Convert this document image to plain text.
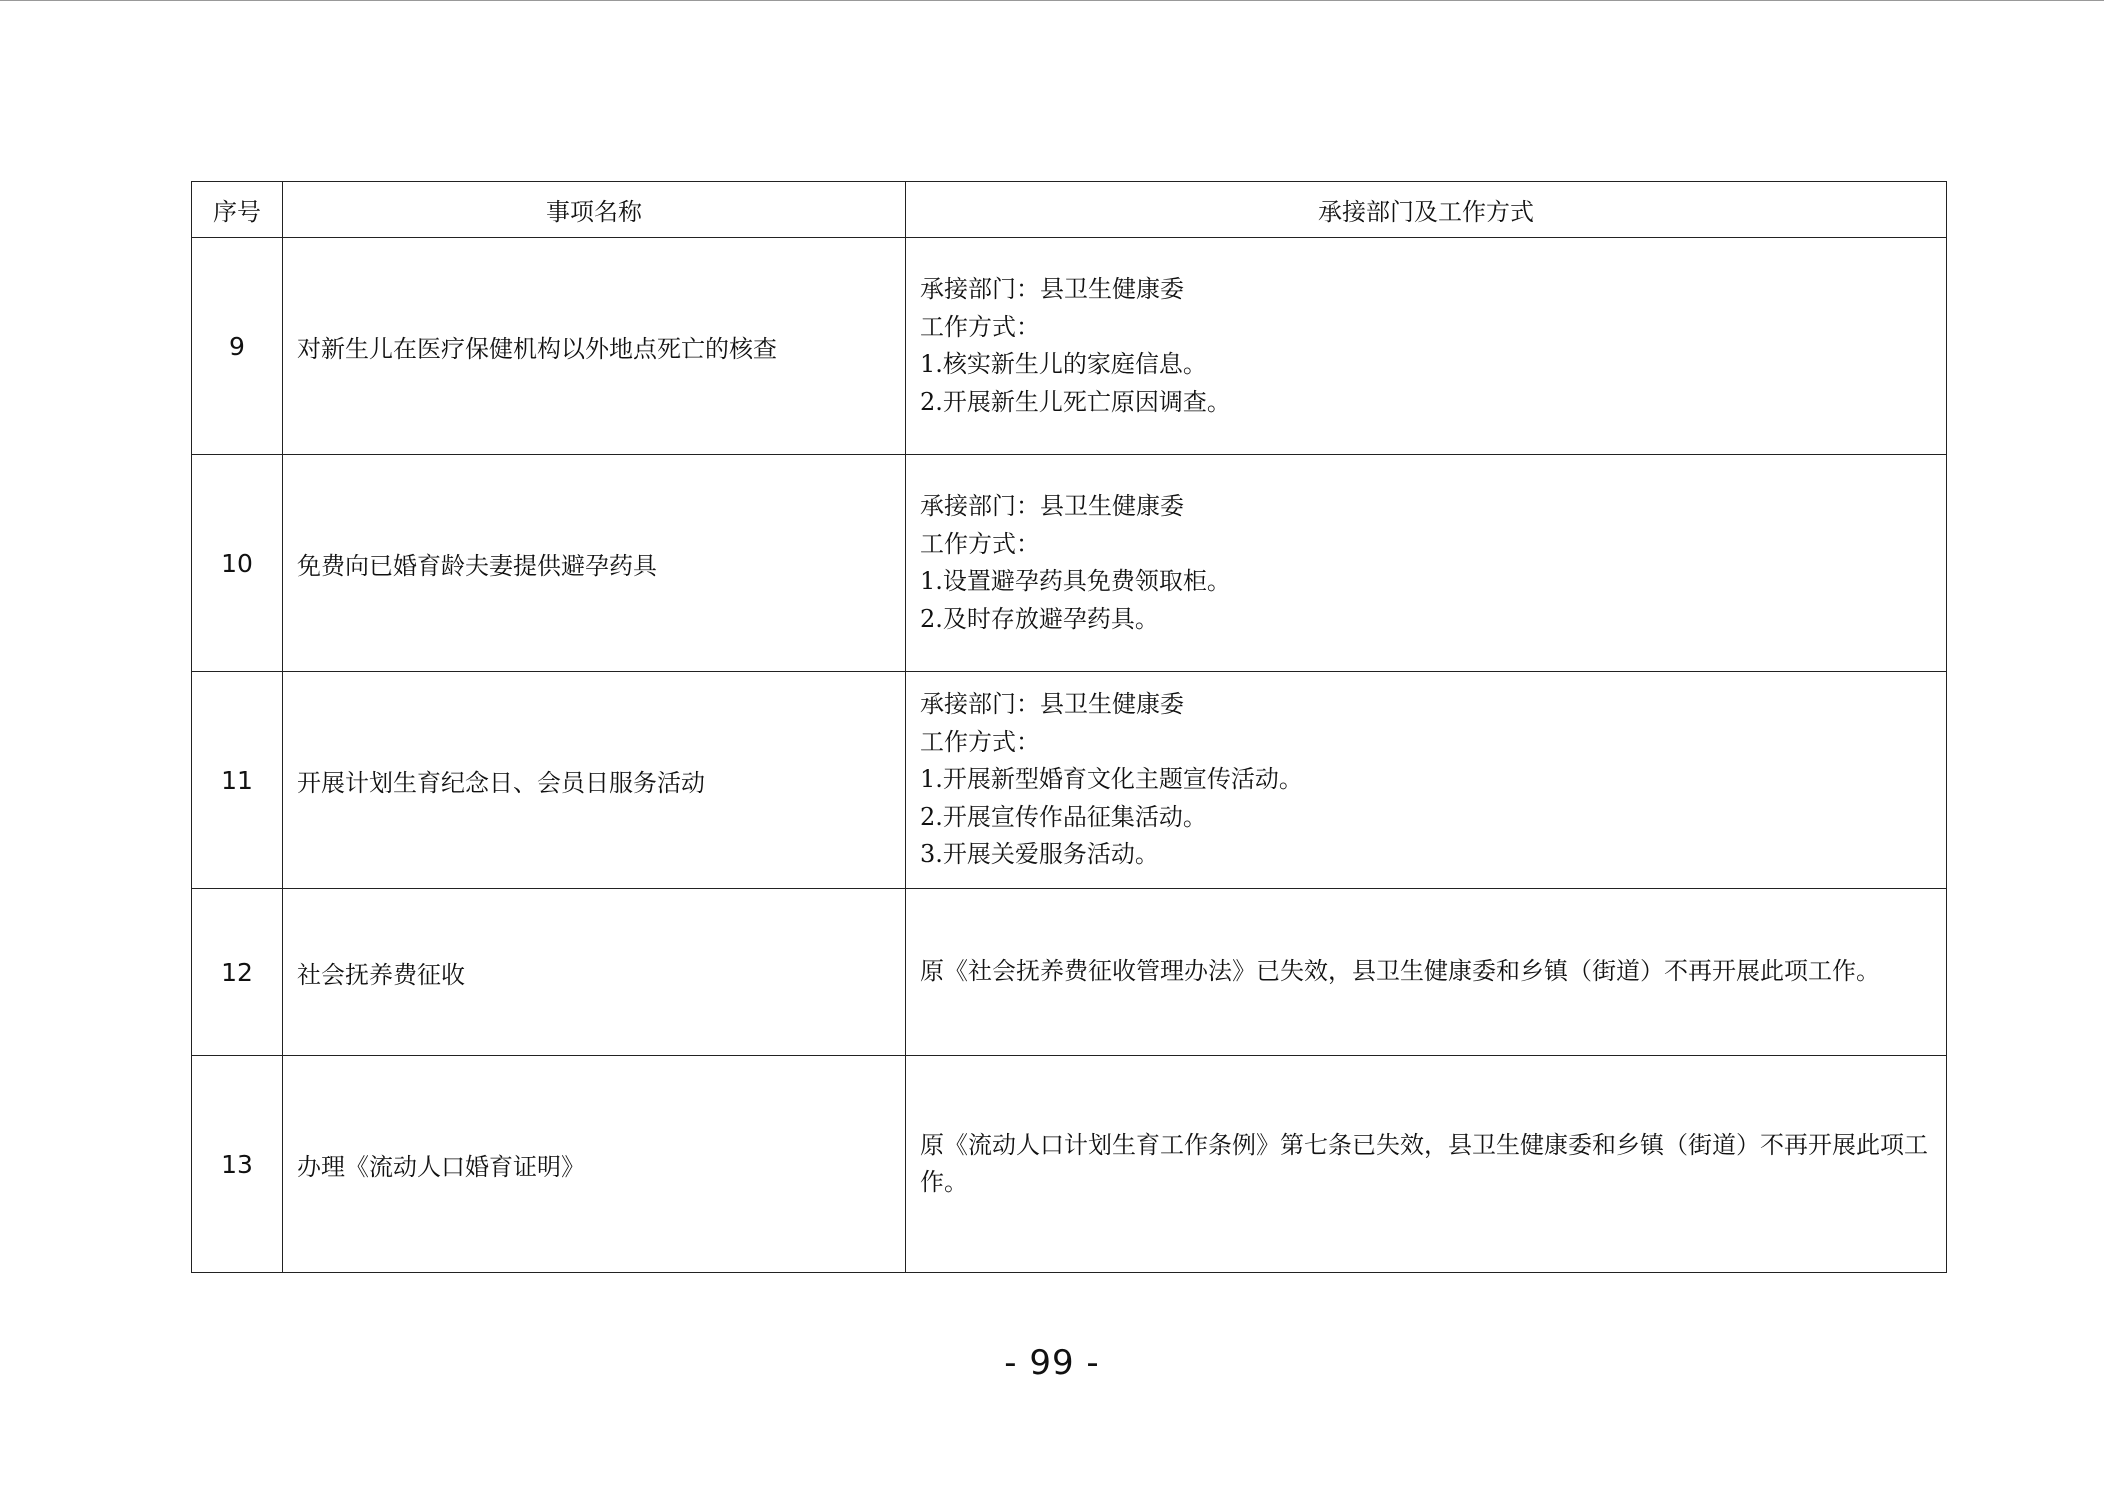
序号	事项名称	承接部门及工作方式
9	对新生儿在医疗保健机构以外地点死亡的核查	承接部门：县卫生健康委
工作方式：
1.核实新生儿的家庭信息。
2.开展新生儿死亡原因调查。

10	免费向已婚育龄夫妻提供避孕药具	承接部门：县卫生健康委
工作方式：
1.设置避孕药具免费领取柜。
2.及时存放避孕药具。

11	开展计划生育纪念日、会员日服务活动	承接部门：县卫生健康委
工作方式：
1.开展新型婚育文化主题宣传活动。
2.开展宣传作品征集活动。
3.开展关爱服务活动。

12	社会抚养费征收	原《社会抚养费征收管理办法》已失效，县卫生健康委和乡镇（街道）不再开展此项工作。

13	办理《流动人口婚育证明》	原《流动人口计划生育工作条例》第七条已失效，县卫生健康委和乡镇（街道）不再开展此项工作。
- 99 -
